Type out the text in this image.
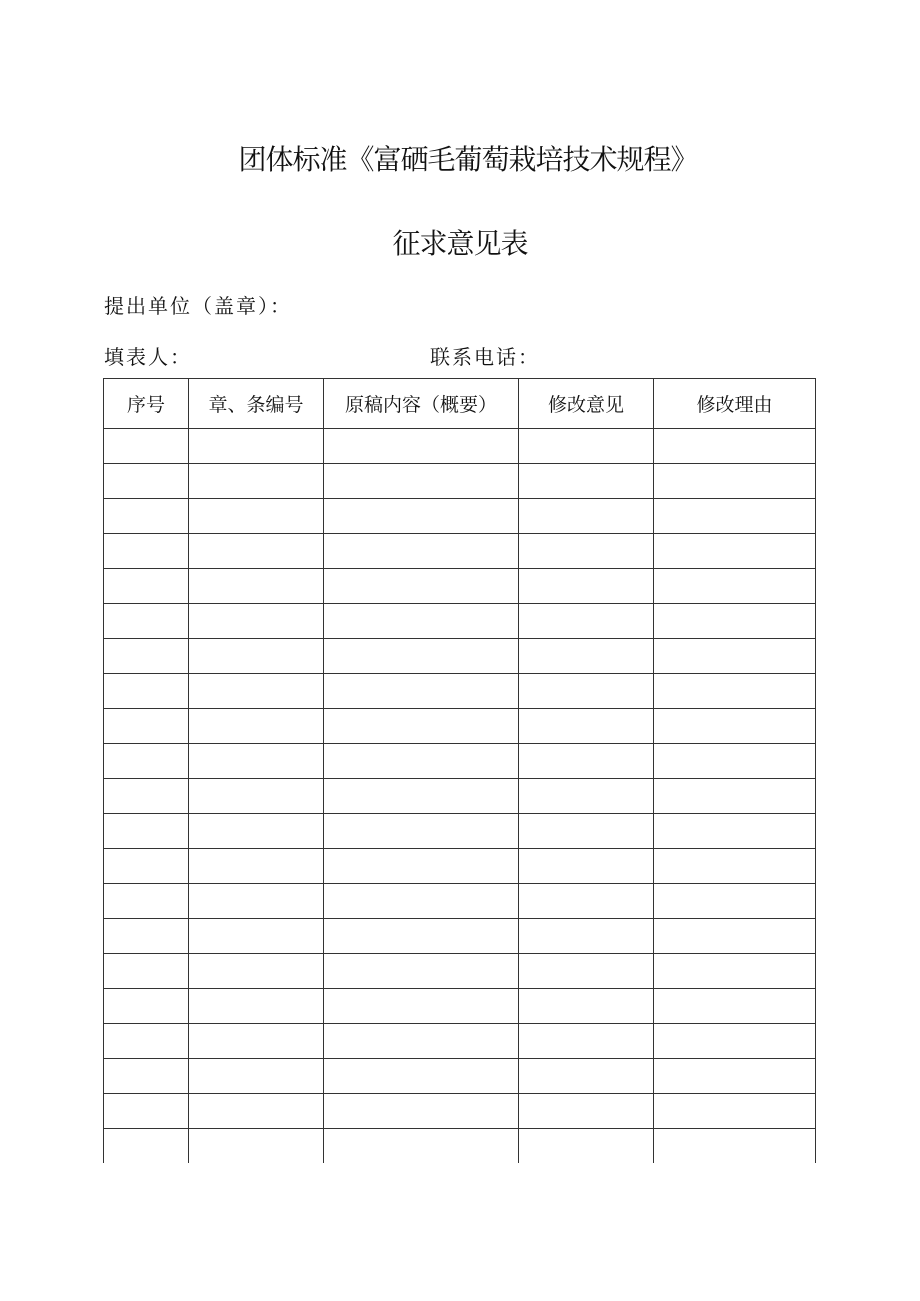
团体标准《富硒毛葡萄栽培技术规程》
征求意见表
提出单位（盖章）：
填表人：	联系电话：
序号	章、条编号	原稿内容（概要）	修改意见	修改理由
